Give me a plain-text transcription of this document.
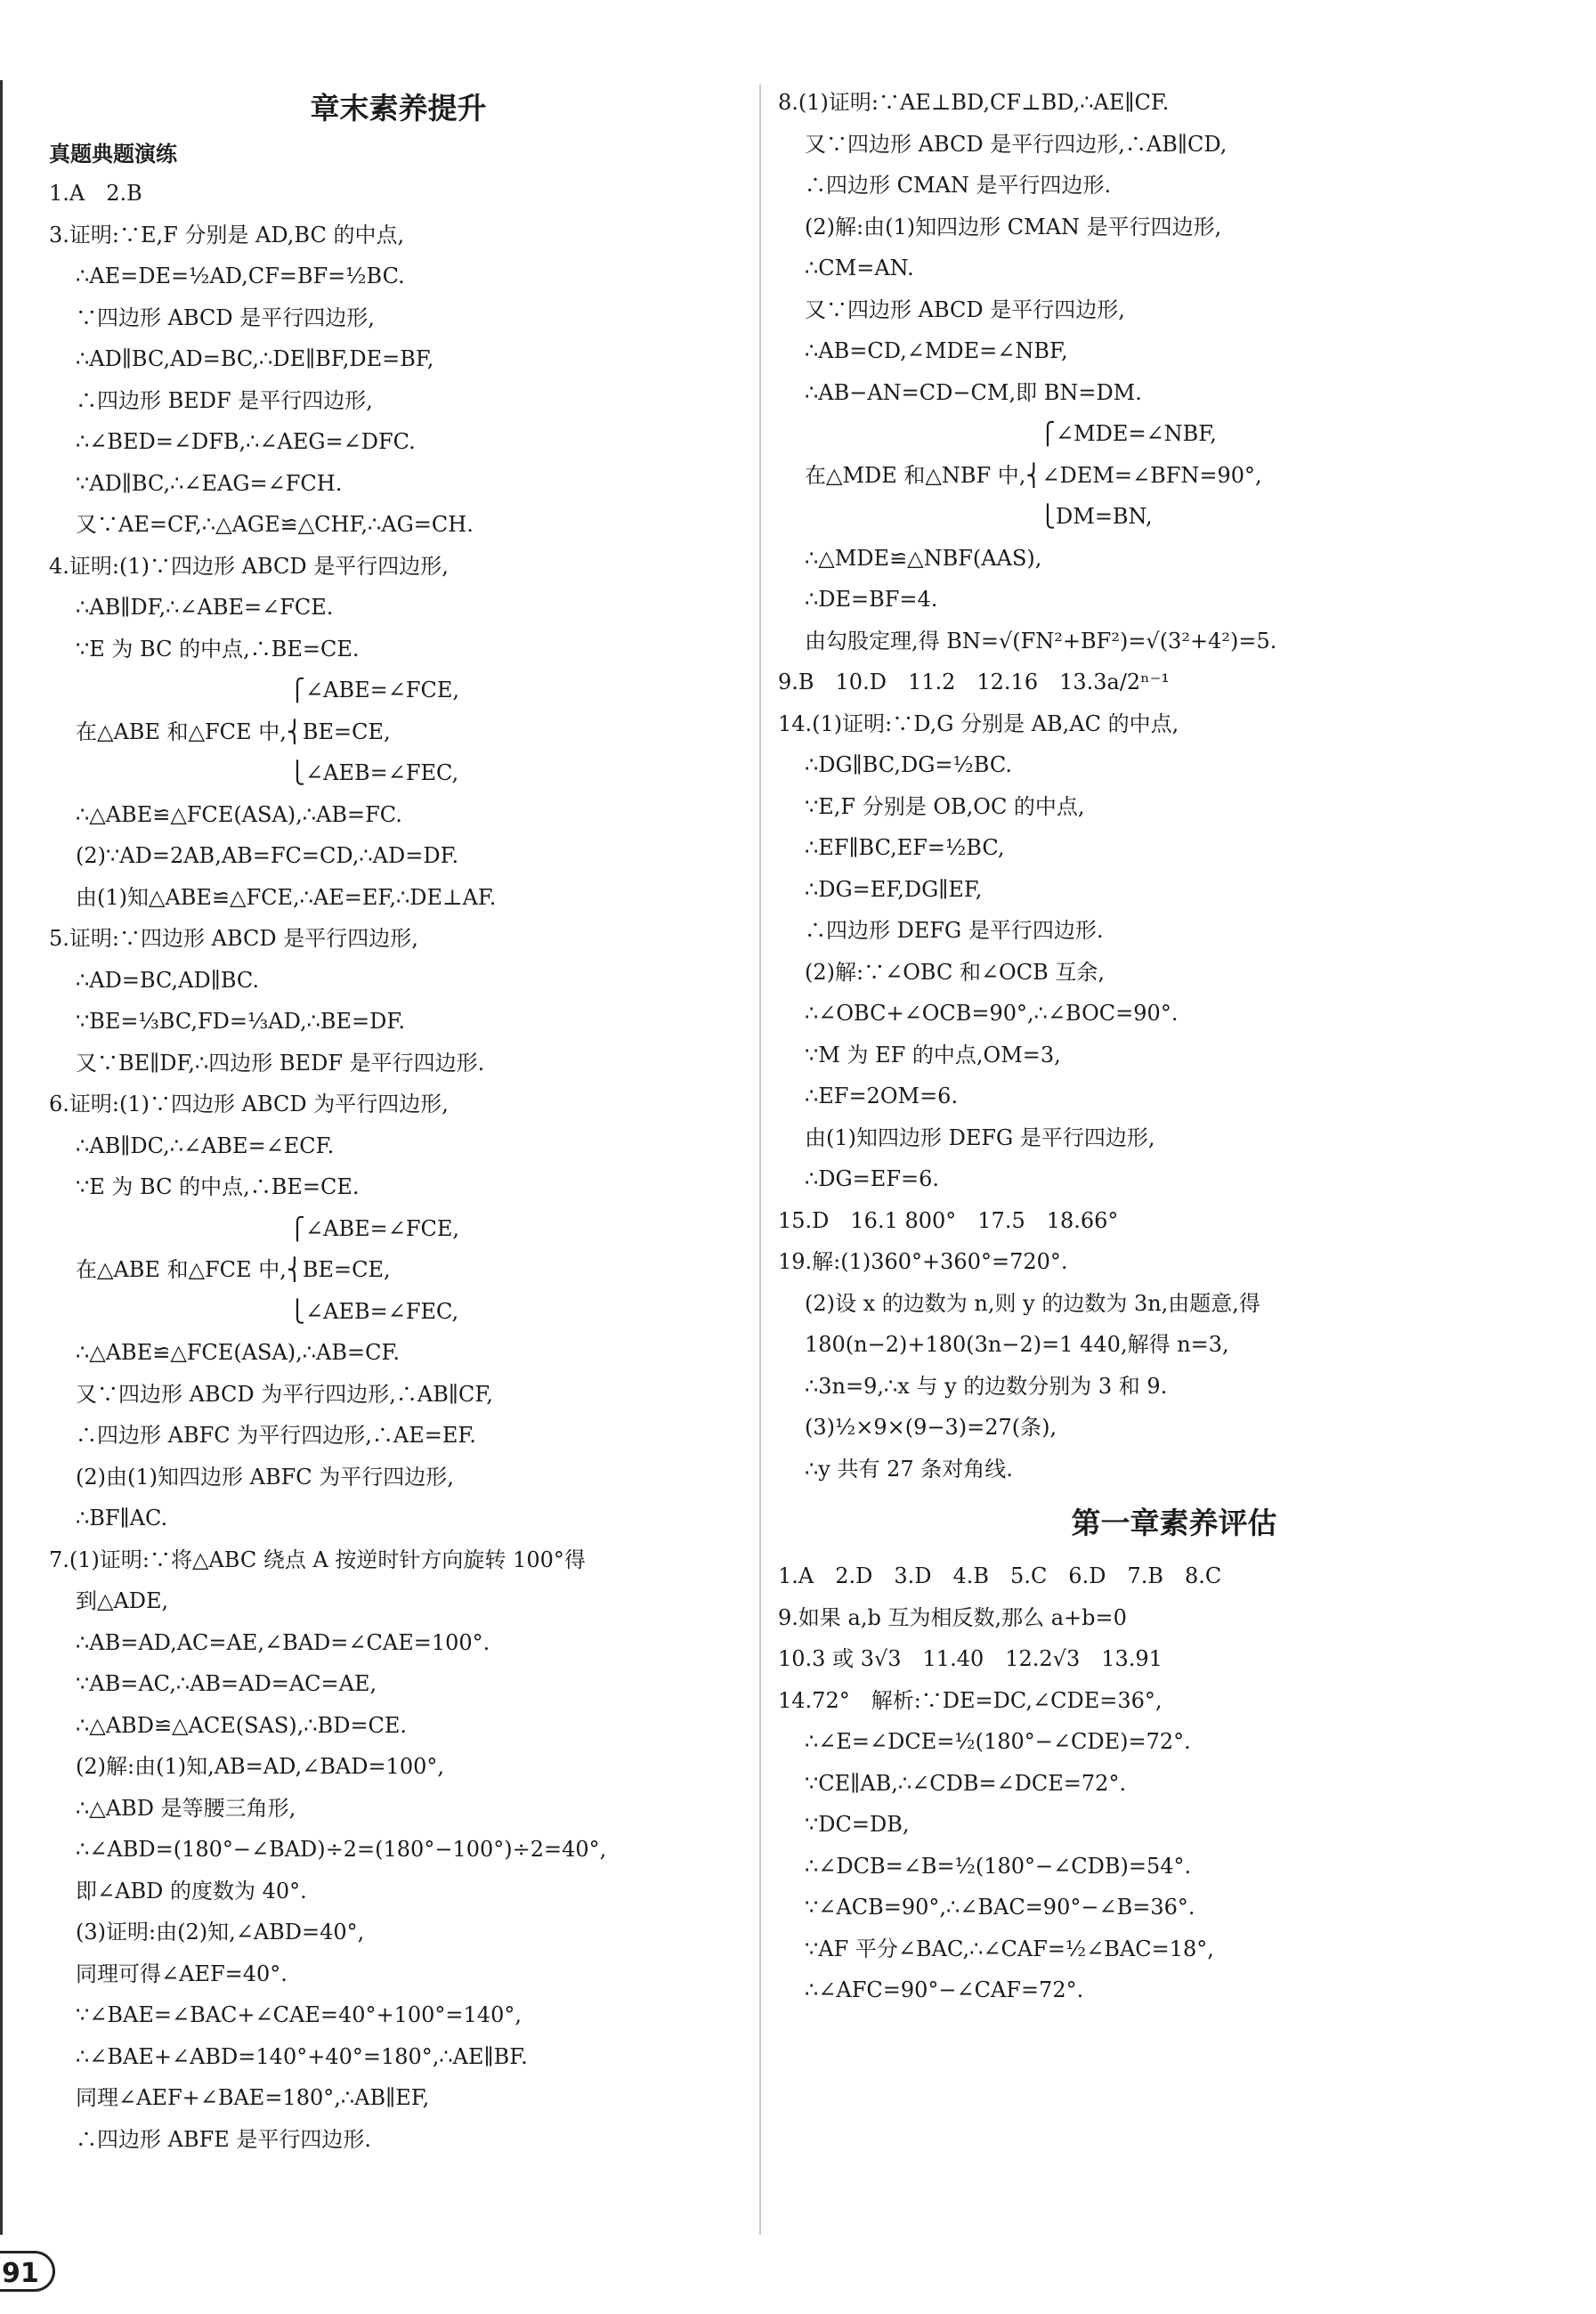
章末素养提升
真题典题演练
1.A　2.B
3.证明:∵E,F 分别是 AD,BC 的中点,
∴AE=DE=½AD,CF=BF=½BC.
∵四边形 ABCD 是平行四边形,
∴AD∥BC,AD=BC,∴DE∥BF,DE=BF,
∴四边形 BEDF 是平行四边形,
∴∠BED=∠DFB,∴∠AEG=∠DFC.
∵AD∥BC,∴∠EAG=∠FCH.
又∵AE=CF,∴△AGE≌△CHF,∴AG=CH.
4.证明:(1)∵四边形 ABCD 是平行四边形,
∴AB∥DF,∴∠ABE=∠FCE.
∵E 为 BC 的中点,∴BE=CE.
　　　　　　　　　　⎧∠ABE=∠FCE,
在△ABE 和△FCE 中,⎨BE=CE,
　　　　　　　　　　⎩∠AEB=∠FEC,
∴△ABE≌△FCE(ASA),∴AB=FC.
(2)∵AD=2AB,AB=FC=CD,∴AD=DF.
由(1)知△ABE≌△FCE,∴AE=EF,∴DE⊥AF.
5.证明:∵四边形 ABCD 是平行四边形,
∴AD=BC,AD∥BC.
∵BE=⅓BC,FD=⅓AD,∴BE=DF.
又∵BE∥DF,∴四边形 BEDF 是平行四边形.
6.证明:(1)∵四边形 ABCD 为平行四边形,
∴AB∥DC,∴∠ABE=∠ECF.
∵E 为 BC 的中点,∴BE=CE.
　　　　　　　　　　⎧∠ABE=∠FCE,
在△ABE 和△FCE 中,⎨BE=CE,
　　　　　　　　　　⎩∠AEB=∠FEC,
∴△ABE≌△FCE(ASA),∴AB=CF.
又∵四边形 ABCD 为平行四边形,∴AB∥CF,
∴四边形 ABFC 为平行四边形,∴AE=EF.
(2)由(1)知四边形 ABFC 为平行四边形,
∴BF∥AC.
7.(1)证明:∵将△ABC 绕点 A 按逆时针方向旋转 100°得
到△ADE,
∴AB=AD,AC=AE,∠BAD=∠CAE=100°.
∵AB=AC,∴AB=AD=AC=AE,
∴△ABD≌△ACE(SAS),∴BD=CE.
(2)解:由(1)知,AB=AD,∠BAD=100°,
∴△ABD 是等腰三角形,
∴∠ABD=(180°−∠BAD)÷2=(180°−100°)÷2=40°,
即∠ABD 的度数为 40°.
(3)证明:由(2)知,∠ABD=40°,
同理可得∠AEF=40°.
∵∠BAE=∠BAC+∠CAE=40°+100°=140°,
∴∠BAE+∠ABD=140°+40°=180°,∴AE∥BF.
同理∠AEF+∠BAE=180°,∴AB∥EF,
∴四边形 ABFE 是平行四边形.
8.(1)证明:∵AE⊥BD,CF⊥BD,∴AE∥CF.
又∵四边形 ABCD 是平行四边形,∴AB∥CD,
∴四边形 CMAN 是平行四边形.
(2)解:由(1)知四边形 CMAN 是平行四边形,
∴CM=AN.
又∵四边形 ABCD 是平行四边形,
∴AB=CD,∠MDE=∠NBF,
∴AB−AN=CD−CM,即 BN=DM.
　　　　　　　　　　　⎧∠MDE=∠NBF,
在△MDE 和△NBF 中,⎨∠DEM=∠BFN=90°,
　　　　　　　　　　　⎩DM=BN,
∴△MDE≌△NBF(AAS),
∴DE=BF=4.
由勾股定理,得 BN=√(FN²+BF²)=√(3²+4²)=5.
9.B　10.D　11.2　12.16　13.3a/2ⁿ⁻¹
14.(1)证明:∵D,G 分别是 AB,AC 的中点,
∴DG∥BC,DG=½BC.
∵E,F 分别是 OB,OC 的中点,
∴EF∥BC,EF=½BC,
∴DG=EF,DG∥EF,
∴四边形 DEFG 是平行四边形.
(2)解:∵∠OBC 和∠OCB 互余,
∴∠OBC+∠OCB=90°,∴∠BOC=90°.
∵M 为 EF 的中点,OM=3,
∴EF=2OM=6.
由(1)知四边形 DEFG 是平行四边形,
∴DG=EF=6.
15.D　16.1 800°　17.5　18.66°
19.解:(1)360°+360°=720°.
(2)设 x 的边数为 n,则 y 的边数为 3n,由题意,得
180(n−2)+180(3n−2)=1 440,解得 n=3,
∴3n=9,∴x 与 y 的边数分别为 3 和 9.
(3)½×9×(9−3)=27(条),
∴y 共有 27 条对角线.
第一章素养评估
1.A　2.D　3.D　4.B　5.C　6.D　7.B　8.C
9.如果 a,b 互为相反数,那么 a+b=0
10.3 或 3√3　11.40　12.2√3　13.91
14.72°　解析:∵DE=DC,∠CDE=36°,
∴∠E=∠DCE=½(180°−∠CDE)=72°.
∵CE∥AB,∴∠CDB=∠DCE=72°.
∵DC=DB,
∴∠DCB=∠B=½(180°−∠CDB)=54°.
∵∠ACB=90°,∴∠BAC=90°−∠B=36°.
∵AF 平分∠BAC,∴∠CAF=½∠BAC=18°,
∴∠AFC=90°−∠CAF=72°.
91
